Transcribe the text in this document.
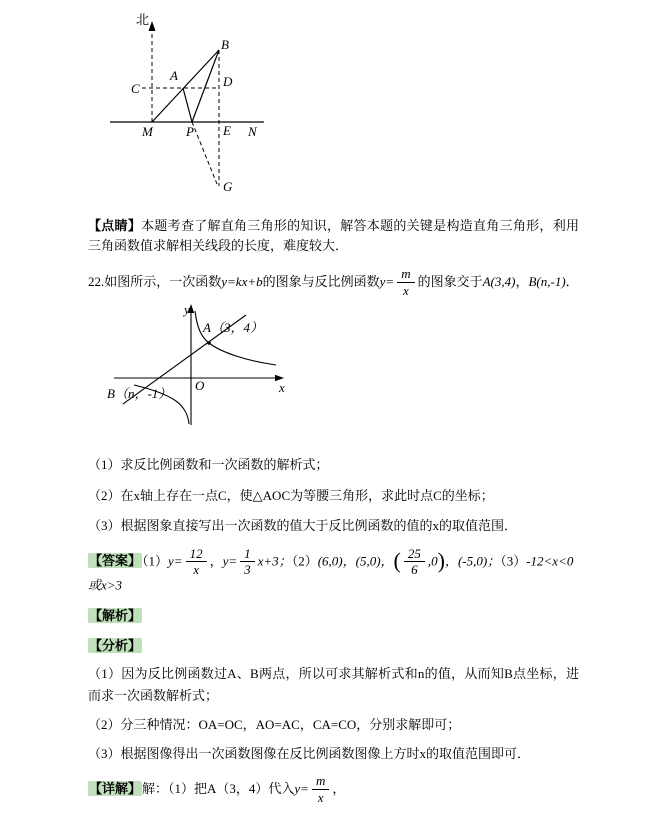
B
C
A	D
M	P E N
G
北

【点睛】本题考查了解直角三角形的知识，解答本题的关键是构造直角三角形，利用三角函数值求解相关线段的长度，难度较大．

22.如图所示，一次函数y=kx+b的图象与反比例函数$y= \frac{m}{x}$ 的图象交于A(3,4)，B(n,-1)．
y
x
O
A（3，4）
B（n，-1）

（1）求反比例函数和一次函数的解析式；

（2）在x轴上存在一点C，使△AOC为等腰三角形，求此时点C的坐标；

（3）根据图象直接写出一次函数的值大于反比例函数的值的x的取值范围．

【答案】$(1)y= \frac{12}{x}$ ，$y= \frac{1}{3} x+3$；（2）(6,0)，(5,0)，( $\frac{25}{6} ,0$)，(-5,0)；（3）-12<x<0 或x>3

【解析】

【分析】

（1）因为反比例函数过A、B两点，所以可求其解析式和n的值，从而知B点坐标，进而求一次函数解析式；

（2）分三种情况：OA=OC，AO=AC，CA=CO，分别求解即可；

（3）根据图像得出一次函数图像在反比例函数图像上方时x的取值范围即可．

【详解】解：（1）把A（3，4）代入$y= \frac{m}{x}$ ，
